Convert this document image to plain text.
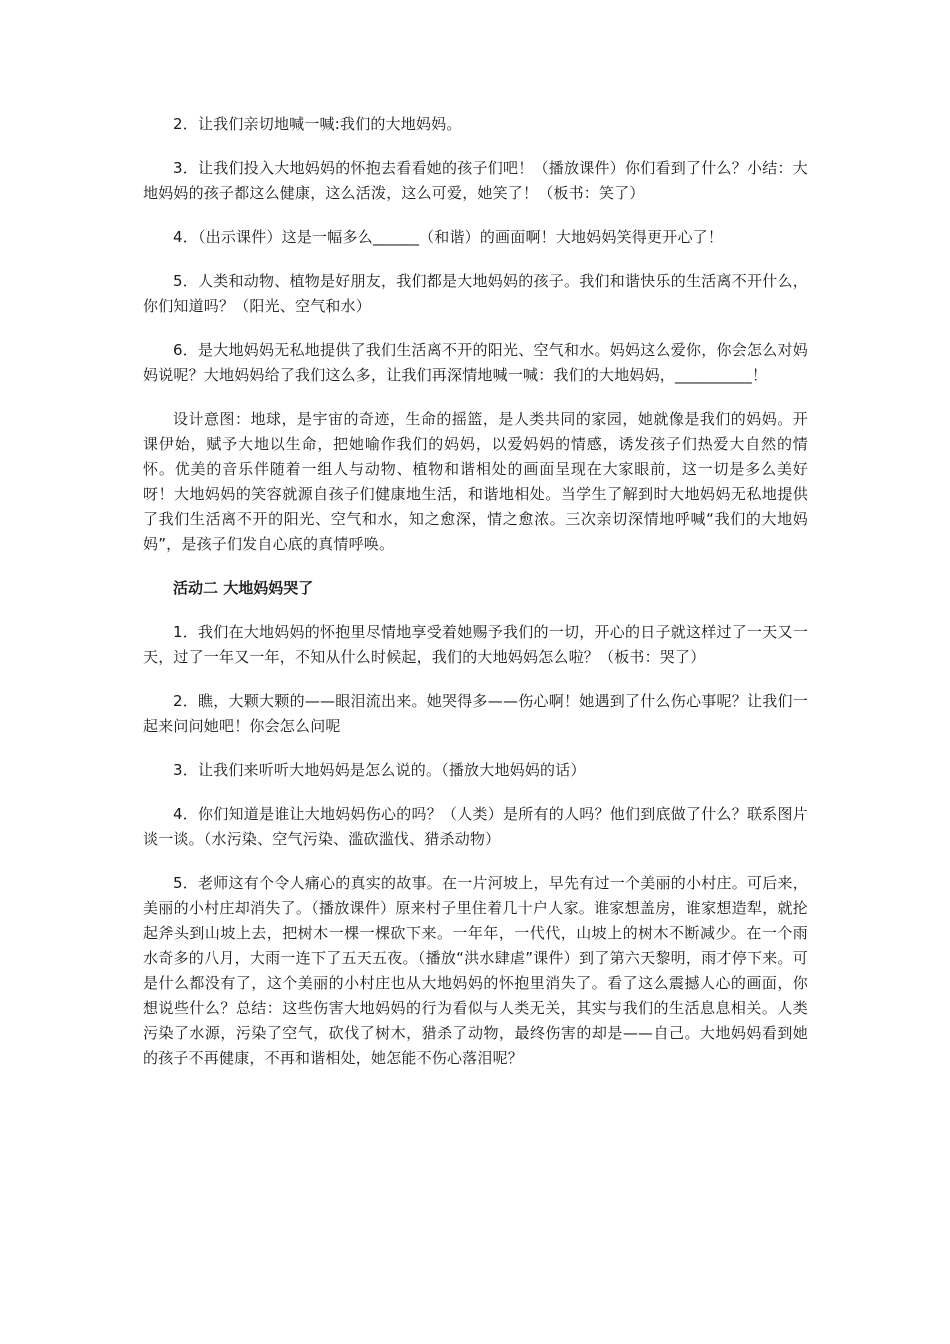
2．让我们亲切地喊一喊:我们的大地妈妈。

3．让我们投入大地妈妈的怀抱去看看她的孩子们吧！（播放课件）你们看到了什么？小结：大地妈妈的孩子都这么健康，这么活泼，这么可爱，她笑了！（板书：笑了）

4．（出示课件）这是一幅多么______（和谐）的画面啊！大地妈妈笑得更开心了！

5．人类和动物、植物是好朋友，我们都是大地妈妈的孩子。我们和谐快乐的生活离不开什么，你们知道吗？（阳光、空气和水）

6．是大地妈妈无私地提供了我们生活离不开的阳光、空气和水。妈妈这么爱你，你会怎么对妈妈说呢？大地妈妈给了我们这么多，让我们再深情地喊一喊：我们的大地妈妈，__________！

设计意图：地球，是宇宙的奇迹，生命的摇篮，是人类共同的家园，她就像是我们的妈妈。开课伊始，赋予大地以生命，把她喻作我们的妈妈，以爱妈妈的情感，诱发孩子们热爱大自然的情怀。优美的音乐伴随着一组人与动物、植物和谐相处的画面呈现在大家眼前，这一切是多么美好呀！大地妈妈的笑容就源自孩子们健康地生活，和谐地相处。当学生了解到时大地妈妈无私地提供了我们生活离不开的阳光、空气和水，知之愈深，情之愈浓。三次亲切深情地呼喊“我们的大地妈妈”，是孩子们发自心底的真情呼唤。

活动二 大地妈妈哭了

1．我们在大地妈妈的怀抱里尽情地享受着她赐予我们的一切，开心的日子就这样过了一天又一天，过了一年又一年，不知从什么时候起，我们的大地妈妈怎么啦？（板书：哭了）

2．瞧，大颗大颗的——眼泪流出来。她哭得多——伤心啊！她遇到了什么伤心事呢？让我们一起来问问她吧！你会怎么问呢

3．让我们来听听大地妈妈是怎么说的。（播放大地妈妈的话）

4．你们知道是谁让大地妈妈伤心的吗？（人类）是所有的人吗？他们到底做了什么？联系图片谈一谈。（水污染、空气污染、滥砍滥伐、猎杀动物）

5．老师这有个令人痛心的真实的故事。在一片河坡上，早先有过一个美丽的小村庄。可后来，美丽的小村庄却消失了。（播放课件）原来村子里住着几十户人家。谁家想盖房，谁家想造犁，就抡起斧头到山坡上去，把树木一棵一棵砍下来。一年年，一代代，山坡上的树木不断减少。在一个雨水奇多的八月，大雨一连下了五天五夜。（播放“洪水肆虐”课件）到了第六天黎明，雨才停下来。可是什么都没有了，这个美丽的小村庄也从大地妈妈的怀抱里消失了。看了这么震撼人心的画面，你想说些什么？总结：这些伤害大地妈妈的行为看似与人类无关，其实与我们的生活息息相关。人类污染了水源，污染了空气，砍伐了树木，猎杀了动物，最终伤害的却是——自己。大地妈妈看到她的孩子不再健康，不再和谐相处，她怎能不伤心落泪呢？
